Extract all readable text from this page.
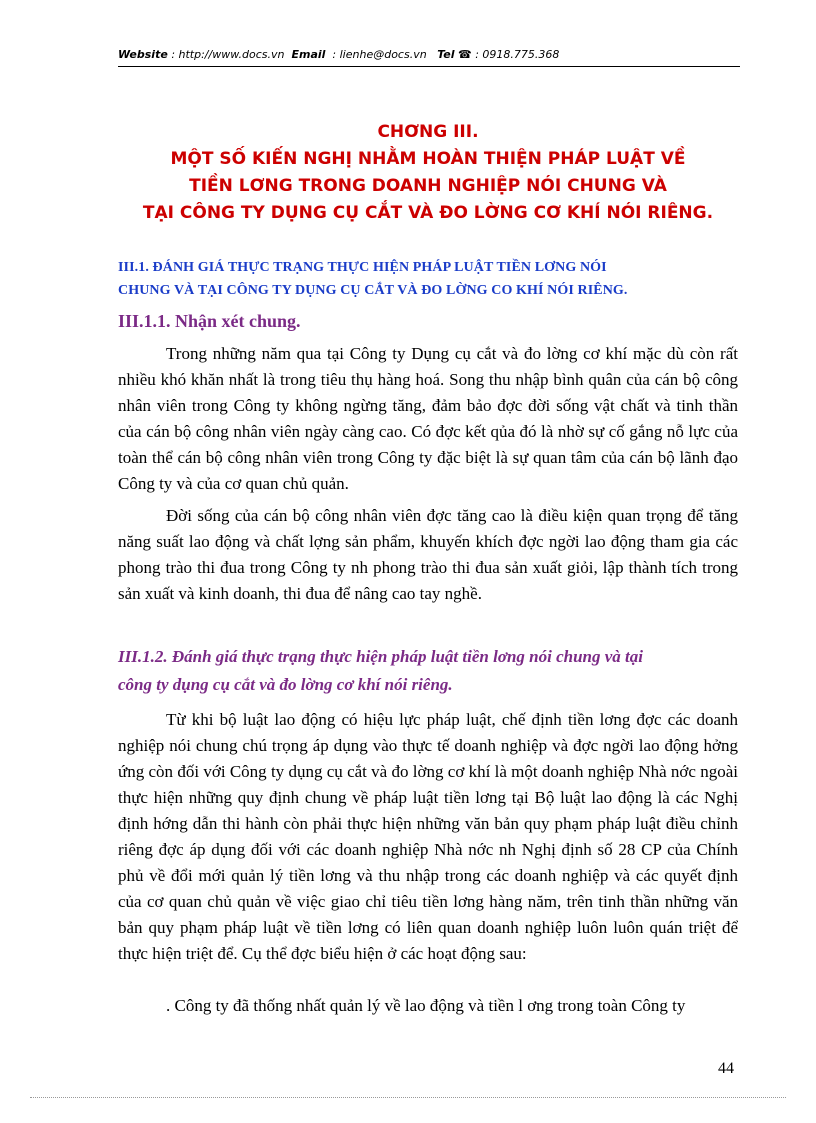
Website : http://www.docs.vn Email : lienhe@docs.vn Tel ☎ : 0918.775.368
CHƠNG III.
MỘT SỐ KIẾN NGHỊ NHẰM HOÀN THIỆN PHÁP LUẬT VỀ
TIỀN LƠNG TRONG DOANH NGHIỆP NÓI CHUNG VÀ
TẠI CÔNG TY DỤNG CỤ CẮT VÀ ĐO LỜNG CƠ KHÍ NÓI RIÊNG.
III.1. ĐÁNH GIÁ THỰC TRẠNG THỰC HIỆN PHÁP LUẬT TIỀN LƠNG NÓI
CHUNG VÀ TẠI CÔNG TY DỤNG CỤ CẮT VÀ ĐO LỜNG CO KHÍ NÓI RIÊNG.
III.1.1. Nhận xét chung.

Trong những năm qua tại Công ty Dụng cụ cắt và đo lờng cơ khí mặc dù còn rất nhiều khó khăn nhất là trong tiêu thụ hàng hoá. Song thu nhập bình quân của cán bộ công nhân viên trong Công ty không ngừng tăng, đảm bảo đợc đời sống vật chất và tinh thần của cán bộ công nhân viên ngày càng cao. Có đợc kết qủa đó là nhờ sự cố gắng nỗ lực của toàn thể cán bộ công nhân viên trong Công ty đặc biệt là sự quan tâm của cán bộ lãnh đạo Công ty và của cơ quan chủ quản.

Đời sống của cán bộ công nhân viên đợc tăng cao là điều kiện quan trọng để tăng năng suất lao động và chất lợng sản phẩm, khuyến khích đợc ngời lao động tham gia các phong trào thi đua trong Công ty nh phong trào thi đua sản xuất giỏi, lập thành tích trong sản xuất và kinh doanh, thi đua để nâng cao tay nghề.

III.1.2. Đánh giá thực trạng thực hiện pháp luật tiền lơng nói chung và tại
công ty dụng cụ cắt và đo lờng cơ khí nói riêng.

Từ khi bộ luật lao động có hiệu lực pháp luật, chế định tiền lơng đợc các doanh nghiệp nói chung chú trọng áp dụng vào thực tế doanh nghiệp và đợc ngời lao động hởng ứng còn đối với Công ty dụng cụ cắt và đo lờng cơ khí là một doanh nghiệp Nhà nớc ngoài thực hiện những quy định chung về pháp luật tiền lơng tại Bộ luật lao động là các Nghị định hớng dẫn thi hành còn phải thực hiện những văn bản quy phạm pháp luật điều chỉnh riêng đợc áp dụng đối với các doanh nghiệp Nhà nớc nh Nghị định số 28 CP của Chính phủ về đổi mới quản lý tiền lơng và thu nhập trong các doanh nghiệp và các quyết định của cơ quan chủ quản về việc giao chỉ tiêu tiền lơng hàng năm, trên tinh thần những văn bản quy phạm pháp luật về tiền lơng có liên quan doanh nghiệp luôn luôn quán triệt để thực hiện triệt để. Cụ thể đợc biểu hiện ở các hoạt động sau:

. Công ty đã thống nhất quản lý về lao động và tiền l ơng trong toàn Công ty

44
